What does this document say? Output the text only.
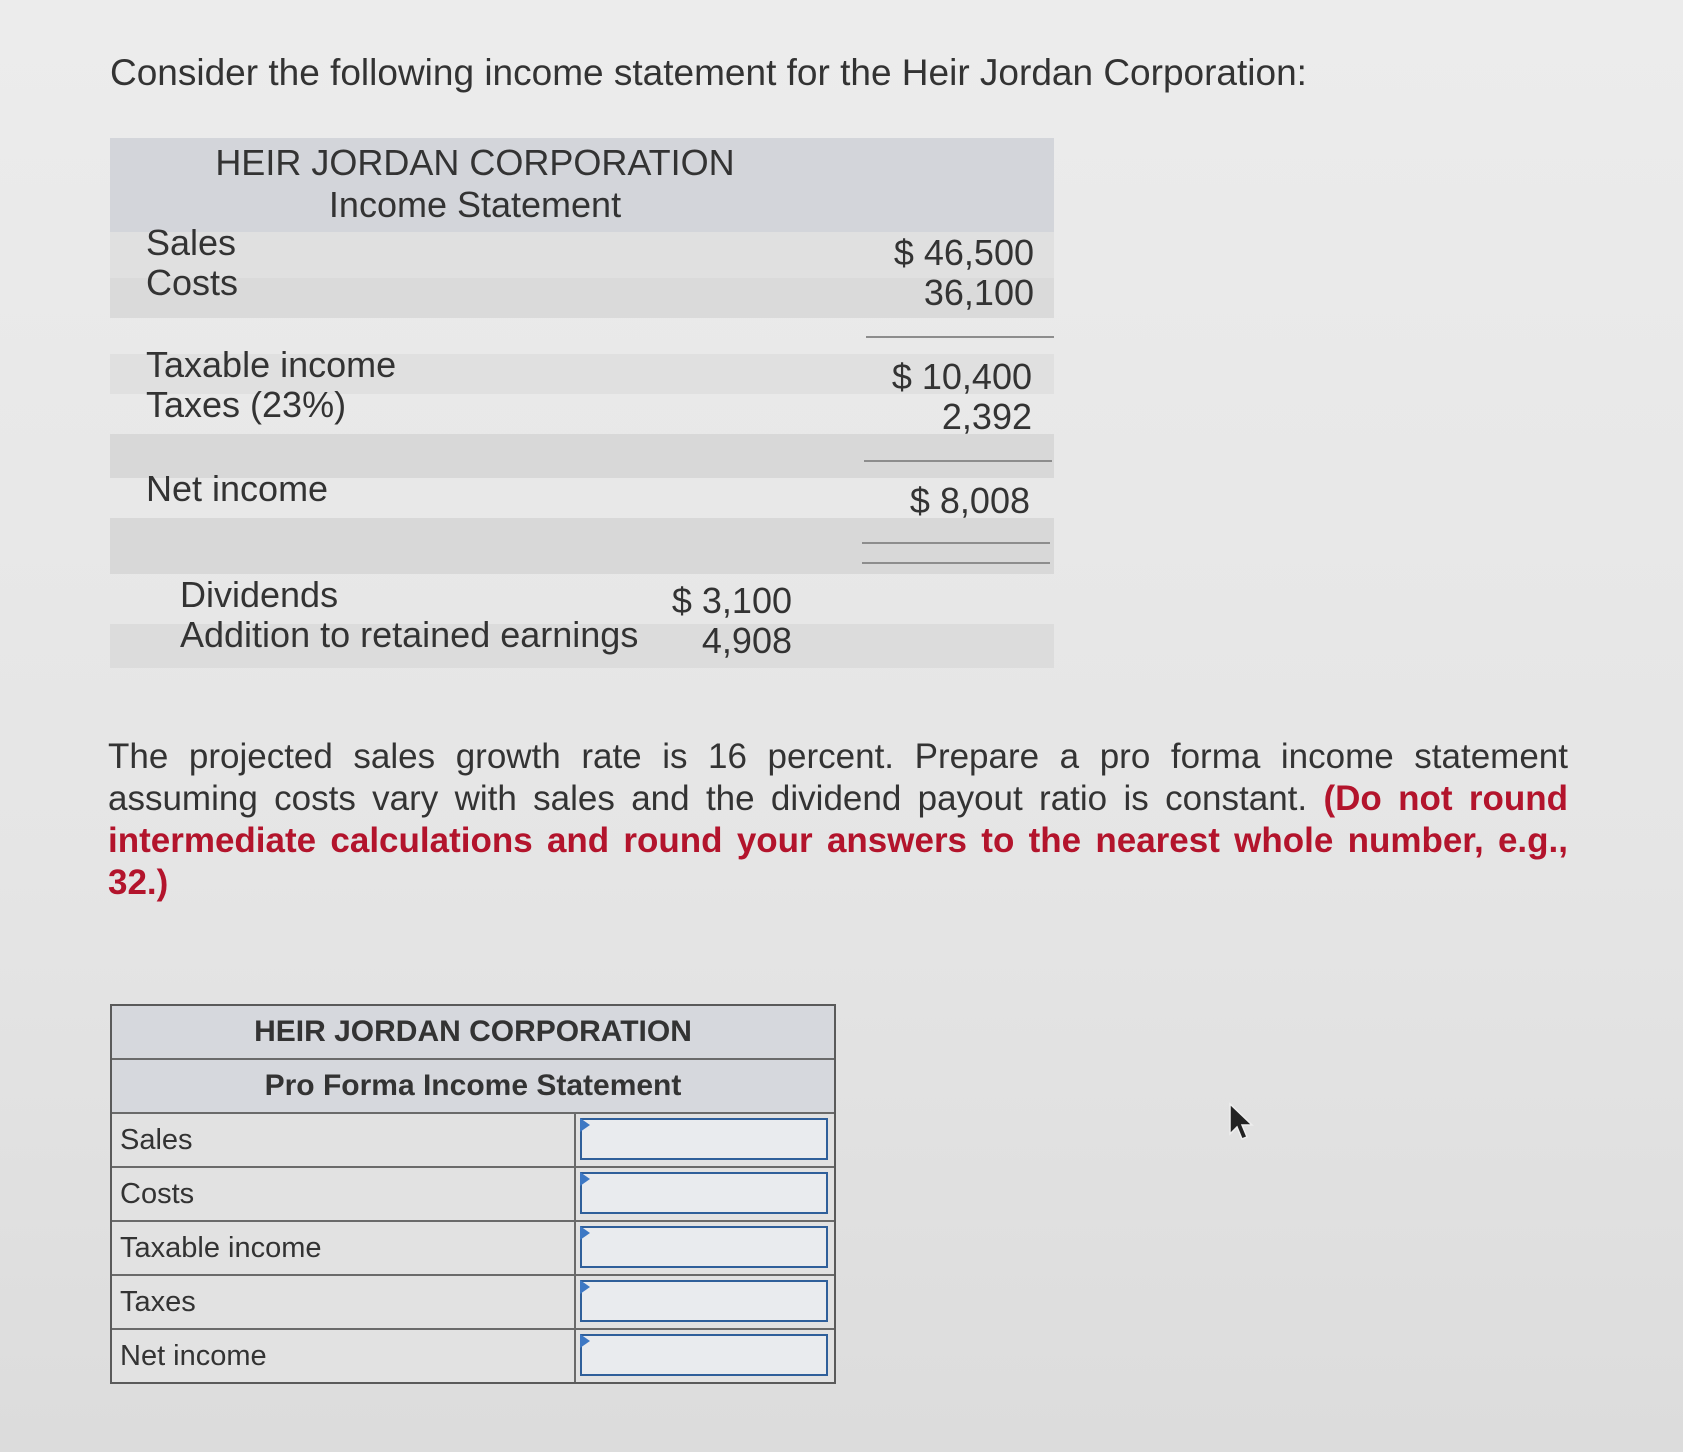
Consider the following income statement for the Heir Jordan Corporation:
HEIR JORDAN CORPORATION
Income Statement
Sales	$ 46,500
Costs	36,100
Taxable income	$ 10,400
Taxes (23%)	2,392
Net income	$ 8,008
Dividends	$ 3,100
Addition to retained earnings 4,908
The projected sales growth rate is 16 percent. Prepare a pro forma income statement assuming costs vary with sales and the dividend payout ratio is constant. (Do not round intermediate calculations and round your answers to the nearest whole number, e.g., 32.)
HEIR JORDAN CORPORATION
Pro Forma Income Statement
Sales
Costs
Taxable income
Taxes
Net income
